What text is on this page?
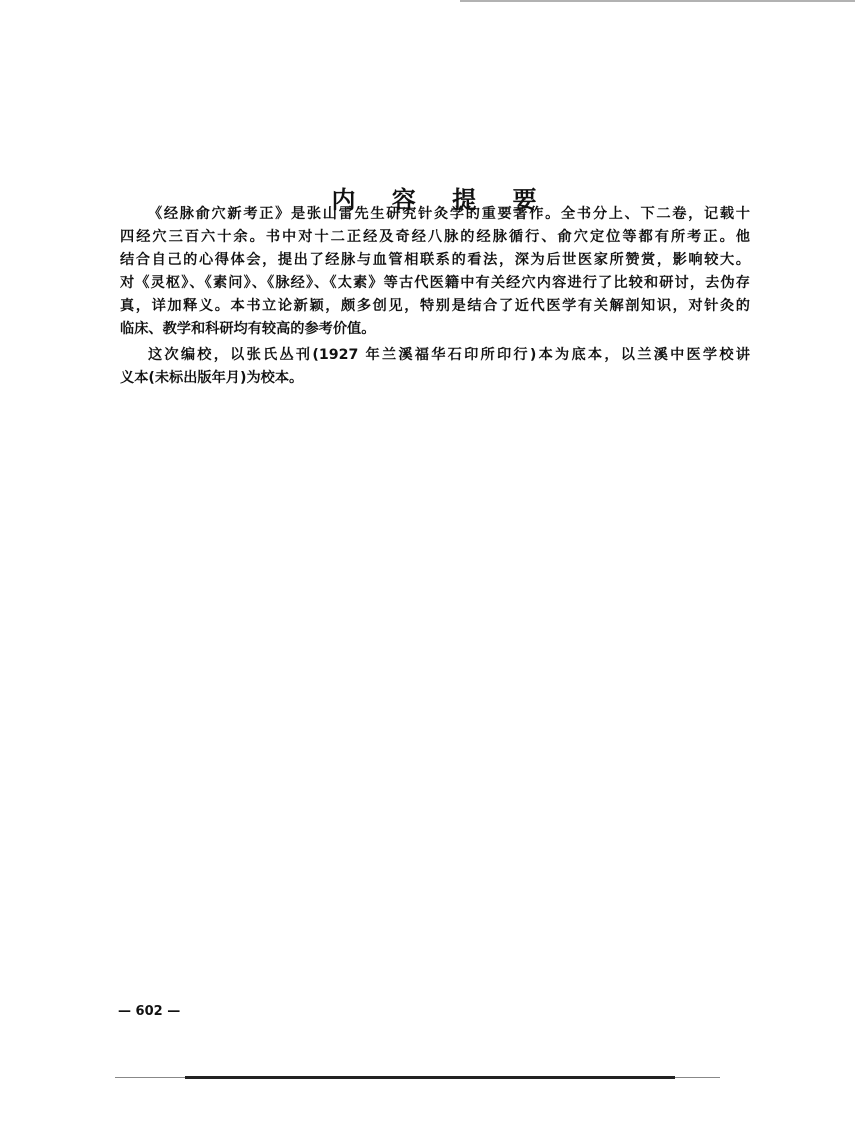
内 容 提 要
《经脉俞穴新考正》是张山雷先生研究针灸学的重要著作。全书分上、下二卷，记载十
四经穴三百六十余。书中对十二正经及奇经八脉的经脉循行、俞穴定位等都有所考正。他
结合自己的心得体会，提出了经脉与血管相联系的看法，深为后世医家所赞赏，影响较大。
对《灵枢》、《素问》、《脉经》、《太素》等古代医籍中有关经穴内容进行了比较和研讨，去伪存
真，详加释义。本书立论新颖，颇多创见，特别是结合了近代医学有关解剖知识，对针灸的
临床、教学和科研均有较高的参考价值。
这次编校，以张氏丛刊(1927 年兰溪福华石印所印行)本为底本，以兰溪中医学校讲
义本(未标出版年月)为校本。
— 602 —
